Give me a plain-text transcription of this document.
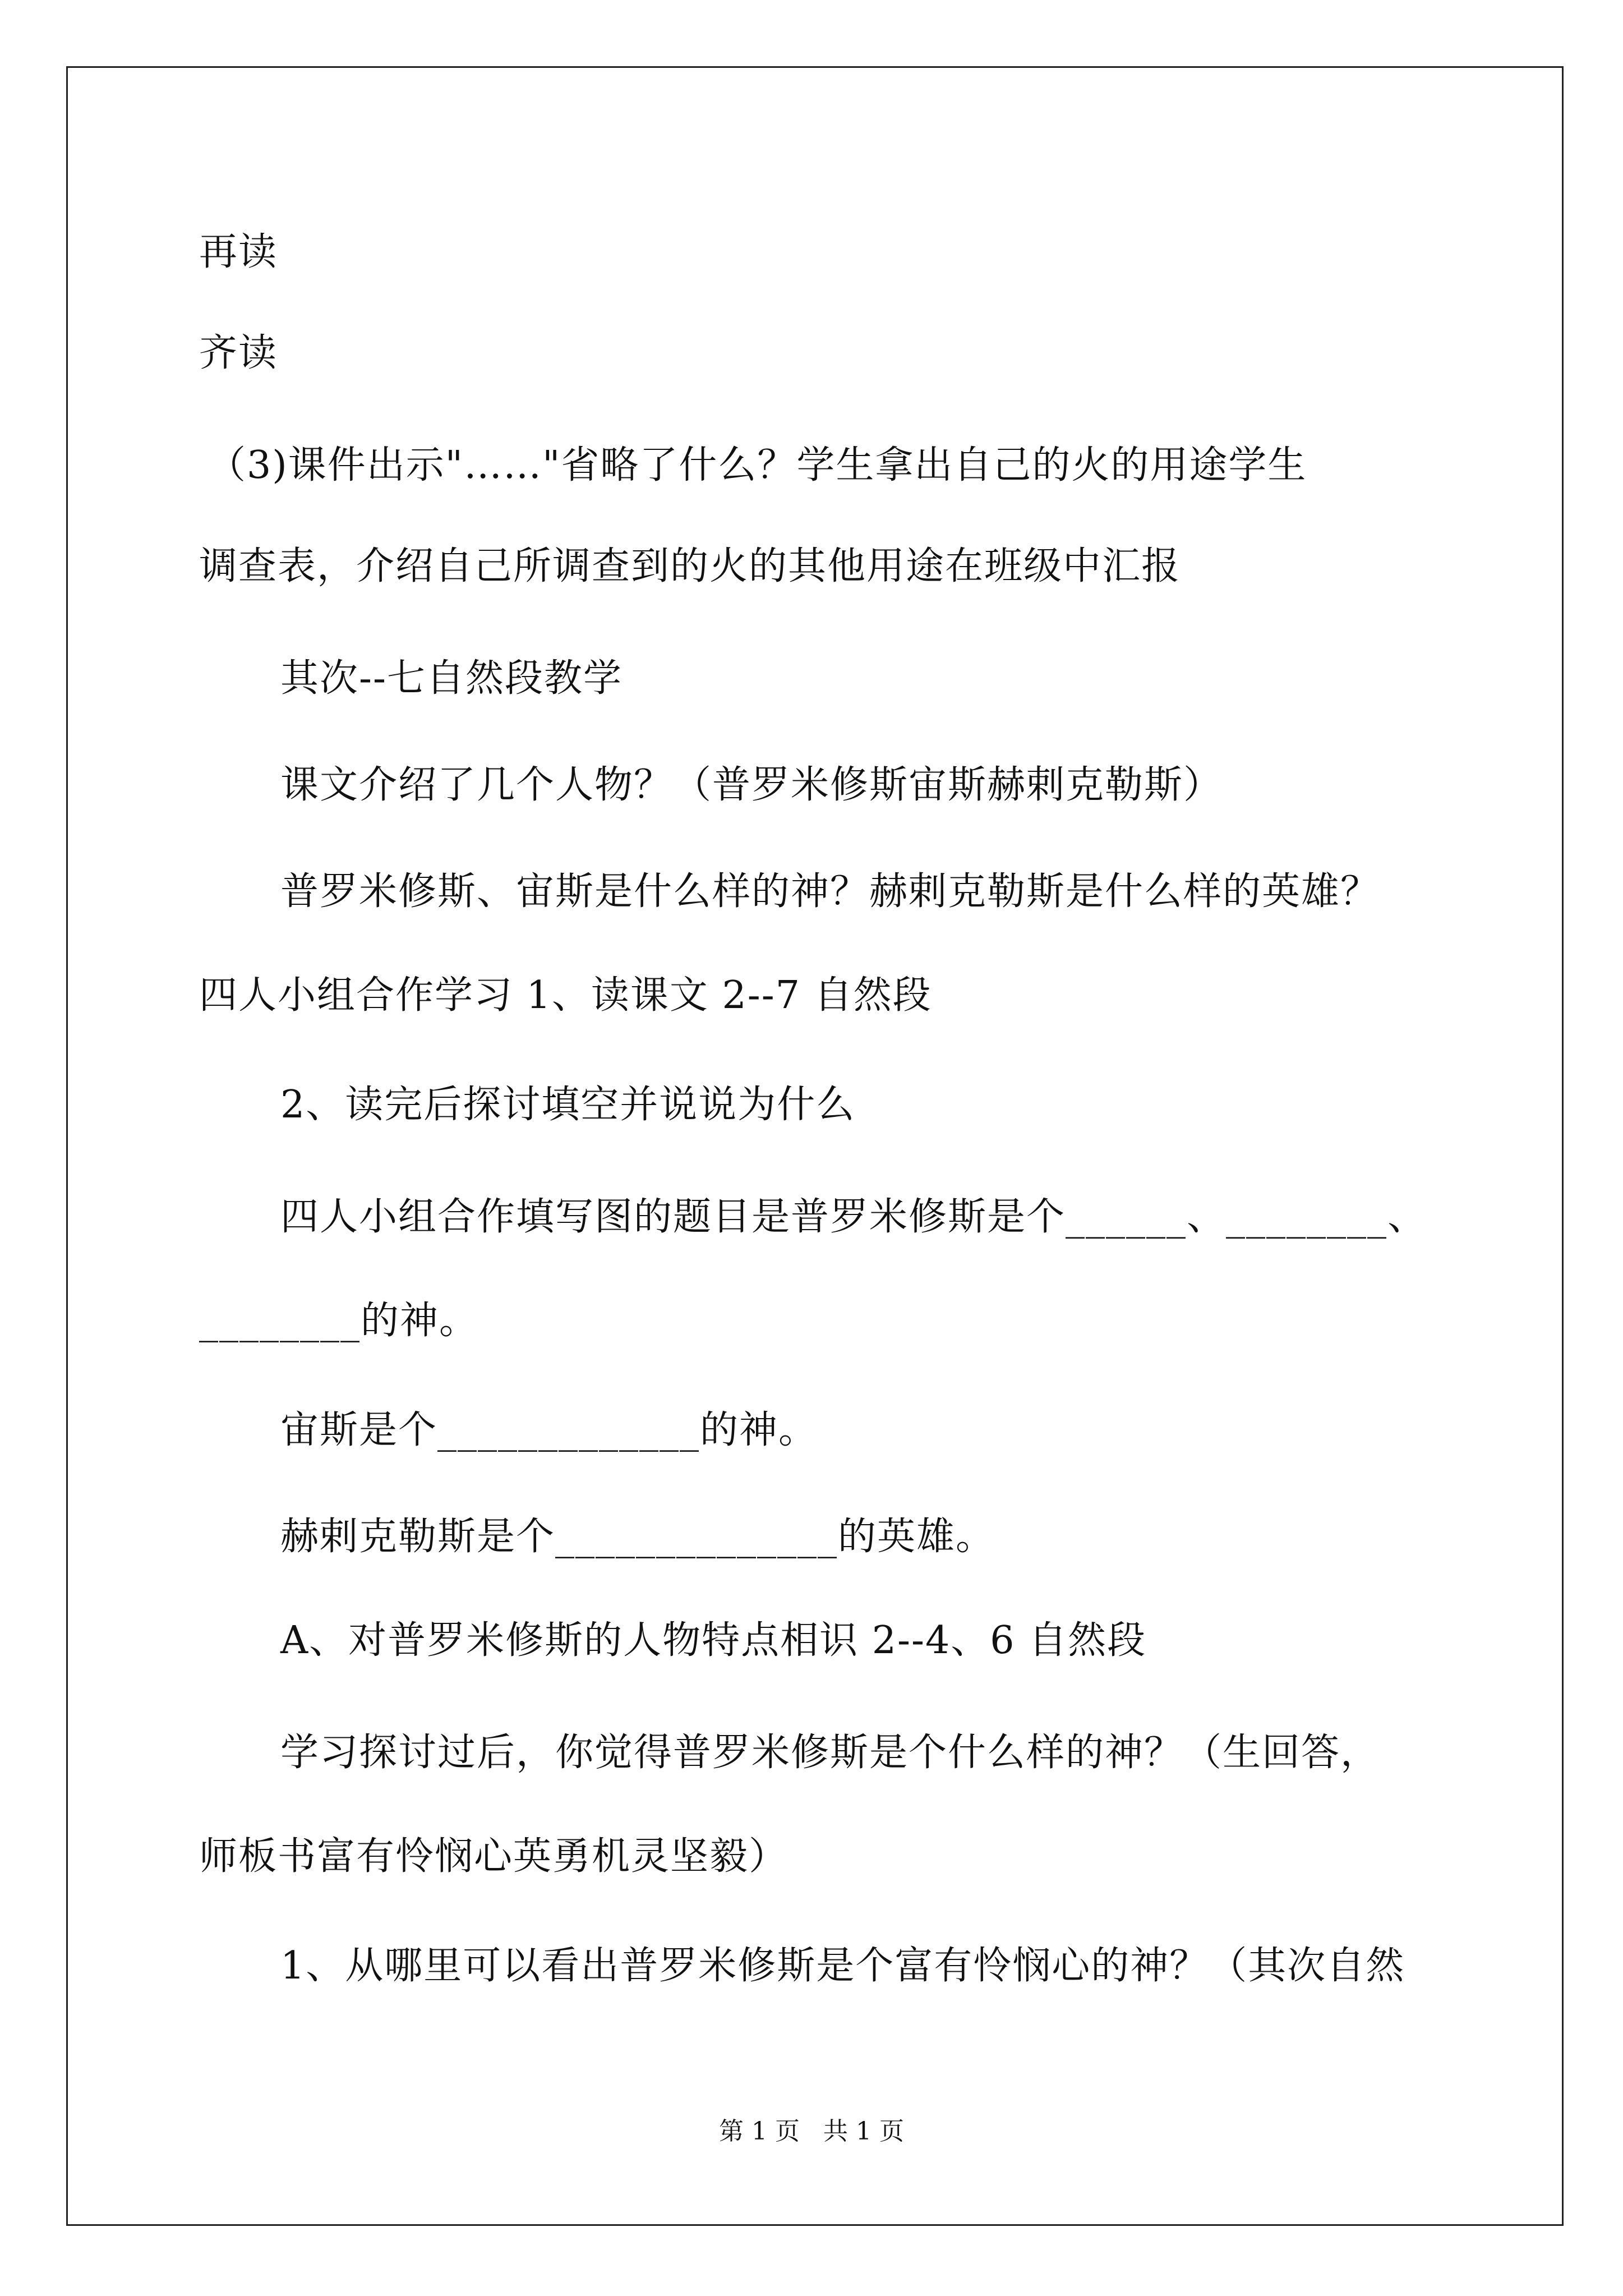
再读
齐读
（3)课件出示"……"省略了什么？学生拿出自己的火的用途学生
调查表，介绍自己所调查到的火的其他用途在班级中汇报
其次--七自然段教学
课文介绍了几个人物？（普罗米修斯宙斯赫剌克勒斯）
普罗米修斯、宙斯是什么样的神？赫剌克勒斯是什么样的英雄？
四人小组合作学习 1、读课文 2--7 自然段
2、读完后探讨填空并说说为什么
四人小组合作填写图的题目是普罗米修斯是个______、________、
________的神。
宙斯是个_____________的神。
赫剌克勒斯是个______________的英雄。
A、对普罗米修斯的人物特点相识 2--4、6 自然段
学习探讨过后，你觉得普罗米修斯是个什么样的神？（生回答，
师板书富有怜悯心英勇机灵坚毅）
1、从哪里可以看出普罗米修斯是个富有怜悯心的神？（其次自然
第 1 页 共 1 页
